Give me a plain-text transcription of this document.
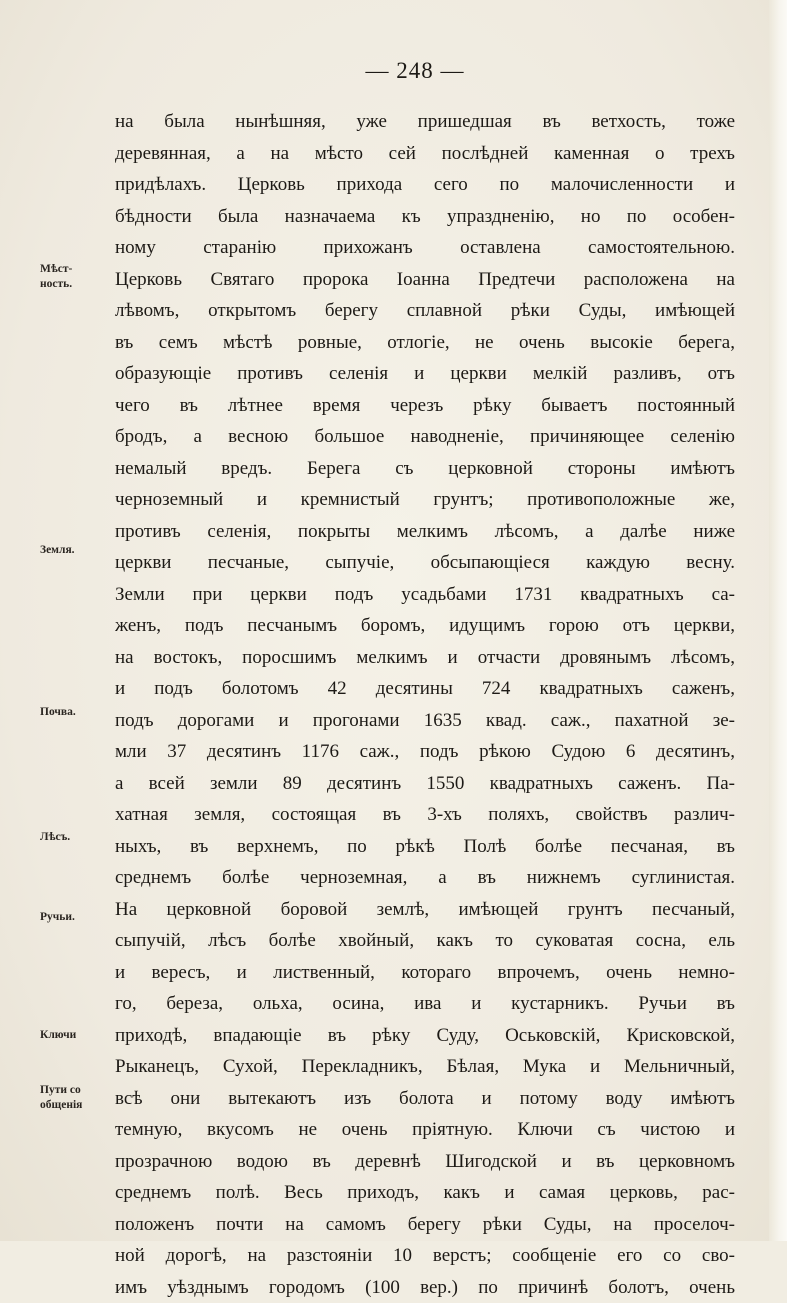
— 248 —
на была нынѣшняя, уже пришедшая въ ветхость, тоже
деревянная, а на мѣсто сей послѣдней каменная о трехъ
придѣлахъ. Церковь прихода сего по малочисленности и
бѣдности была назначаема къ упраздненію, но по особен-
ному старанію прихожанъ оставлена самостоятельною.
Церковь Святаго пророка Іоанна Предтечи расположена на
лѣвомъ, открытомъ берегу сплавной рѣки Суды, имѣющей
въ семъ мѣстѣ ровные, отлогіе, не очень высокіе берега,
образующіе противъ селенія и церкви мелкій разливъ, отъ
чего въ лѣтнее время черезъ рѣку бываетъ постоянный
бродъ, а весною большое наводненіе, причиняющее селенію
немалый вредъ. Берега съ церковной стороны имѣютъ
черноземный и кремнистый грунтъ; противоположные же,
противъ селенія, покрыты мелкимъ лѣсомъ, а далѣе ниже
церкви песчаные, сыпучіе, обсыпающіеся каждую весну.
Земли при церкви подъ усадьбами 1731 квадратныхъ са-
женъ, подъ песчанымъ боромъ, идущимъ горою отъ церкви,
на востокъ, поросшимъ мелкимъ и отчасти дровянымъ лѣсомъ,
и подъ болотомъ 42 десятины 724 квадратныхъ саженъ,
подъ дорогами и прогонами 1635 квад. саж., пахатной зе-
мли 37 десятинъ 1176 саж., подъ рѣкою Судою 6 десятинъ,
а всей земли 89 десятинъ 1550 квадратныхъ саженъ. Па-
хатная земля, состоящая въ 3-хъ поляхъ, свойствъ различ-
ныхъ, въ верхнемъ, по рѣкѣ Полѣ болѣе песчаная, въ
среднемъ болѣе черноземная, а въ нижнемъ суглинистая.
На церковной боровой землѣ, имѣющей грунтъ песчаный,
сыпучій, лѣсъ болѣе хвойный, какъ то суковатая сосна, ель
и вересъ, и лиственный, котораго впрочемъ, очень немно-
го, береза, ольха, осина, ива и кустарникъ. Ручьи въ
приходѣ, впадающіе въ рѣку Суду, Оськовскій, Крисковской,
Рыканецъ, Сухой, Перекладникъ, Бѣлая, Мука и Мельничный,
всѣ они вытекаютъ изъ болота и потому воду имѣютъ
темную, вкусомъ не очень пріятную. Ключи съ чистою и
прозрачною водою въ деревнѣ Шигодской и въ церковномъ
среднемъ полѣ. Весь приходъ, какъ и самая церковь, рас-
положенъ почти на самомъ берегу рѣки Суды, на проселоч-
ной дорогѣ, на разстояніи 10 верстъ; сообщеніе его со сво-
имъ уѣзднымъ городомъ (100 вер.) по причинѣ болотъ, очень
Мѣст-
ность.
Земля.
Почва.
Лѣсъ.
Ручьи.
Ключи
Пути со
общенія
